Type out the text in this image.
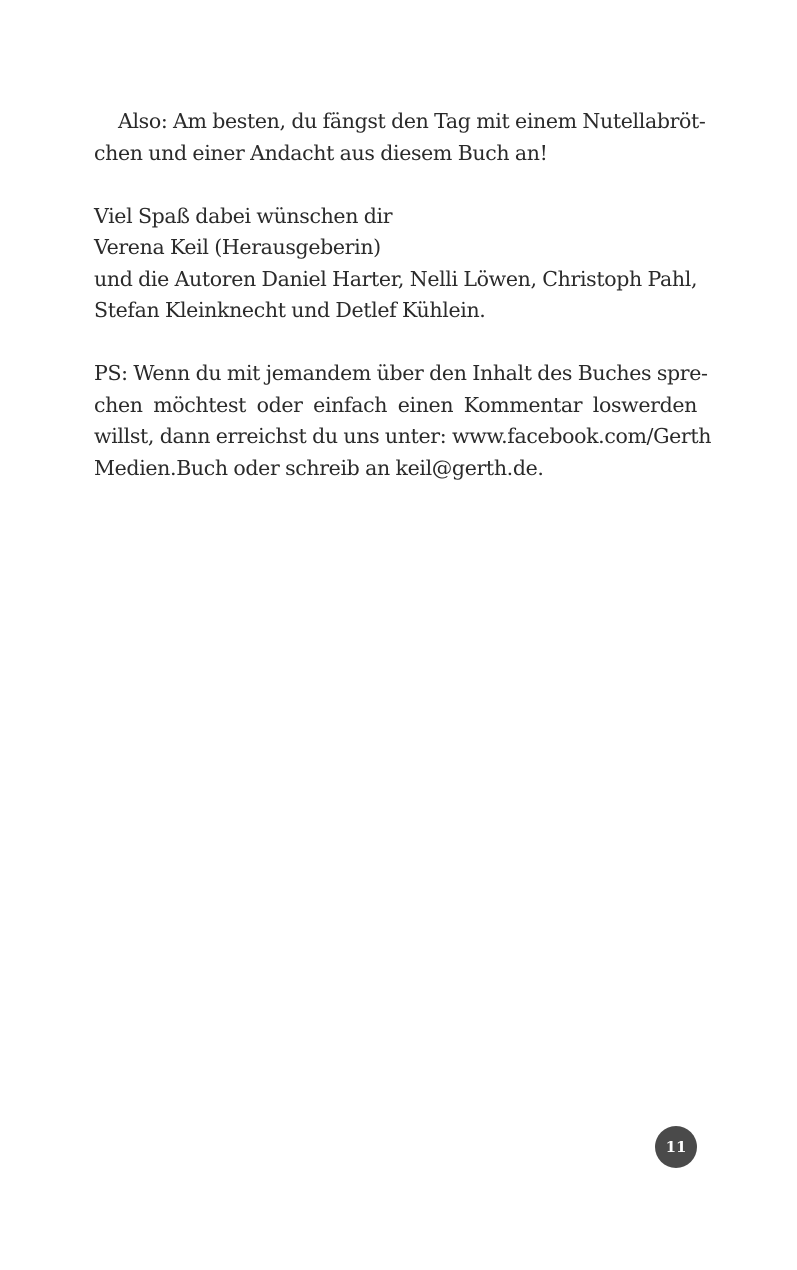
Also: Am besten, du fängst den Tag mit einem Nutellabröt-
chen und einer Andacht aus diesem Buch an!
Viel Spaß dabei wünschen dir
Verena Keil (Herausgeberin)
und die Autoren Daniel Harter, Nelli Löwen, Christoph Pahl,
Stefan Kleinknecht und Detlef Kühlein.
PS: Wenn du mit jemandem über den Inhalt des Buches spre-
chen möchtest oder einfach einen Kommentar loswerden
willst, dann erreichst du uns unter: www.facebook.com/Gerth
Medien.Buch oder schreib an keil@gerth.de.
11
